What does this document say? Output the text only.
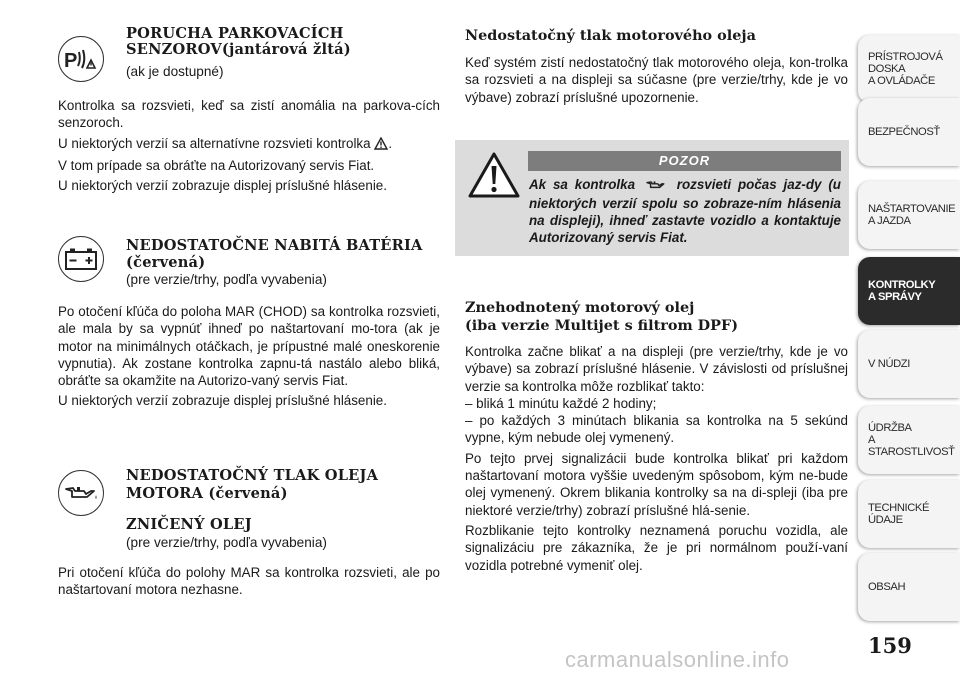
P
PORUCHA PARKOVACÍCH
SENZOROV(jantárová žltá)
(ak je dostupné)

Kontrolka sa rozsvieti, keď sa zistí anomália na parkova-cích senzoroch.

U niektorých verzií sa alternatívne rozsvieti kontrolka .

V tom prípade sa obráťte na Autorizovaný servis Fiat.

U niektorých verzií zobrazuje displej príslušné hlásenie.

NEDOSTATOČNE NABITÁ BATÉRIA
(červená)
(pre verzie/trhy, podľa vyvabenia)

Po otočení kľúča do poloha MAR (CHOD) sa kontrolka rozsvieti, ale mala by sa vypnúť ihneď po naštartovaní mo-tora (ak je motor na minimálnych otáčkach, je prípustné malé oneskorenie vypnutia). Ak zostane kontrolka zapnu-tá nastálo alebo bliká, obráťte sa okamžite na Autorizo-vaný servis Fiat.

U niektorých verzií zobrazuje displej príslušné hlásenie.

NEDOSTATOČNÝ TLAK OLEJA
MOTORA (červená)
ZNIČENÝ OLEJ
(pre verzie/trhy, podľa vyvabenia)

Pri otočení kľúča do polohy MAR sa kontrolka rozsvieti, ale po naštartovaní motora nezhasne.

Nedostatočný tlak motorového oleja

Keď systém zistí nedostatočný tlak motorového oleja, kon-trolka sa rozsvieti a na displeji sa súčasne (pre verzie/trhy, kde je vo výbave) zobrazí príslušné upozornenie.

POZOR
Ak sa kontrolka	rozsvieti počas jaz-dy (u niektorých verzií spolu so zobraze-ním hlásenia na displeji), ihneď zastavte vozidlo a kontaktuje Autorizovaný servis Fiat.
Znehodnotený motorový olej
(iba verzie Multijet s filtrom DPF)

Kontrolka začne blikať a na displeji (pre verzie/trhy, kde je vo výbave) sa zobrazí príslušné hlásenie. V závislosti od príslušnej verzie sa kontrolka môže rozblikať takto:

– bliká 1 minútu každé 2 hodiny;

– po každých 3 minútach blikania sa kontrolka na 5 sekúnd vypne, kým nebude olej vymenený.

Po tejto prvej signalizácii bude kontrolka blikať pri každom naštartovaní motora vyššie uvedeným spôsobom, kým ne-bude olej vymenený. Okrem blikania kontrolky sa na di-spleji (iba pre niektoré verzie/trhy) zobrazí príslušné hlá-senie.

Rozblikanie tejto kontrolky neznamená poruchu vozidla, ale signalizáciu pre zákazníka, že je pri normálnom použí-vaní vozidla potrebné vymeniť olej.

PRÍSTROJOVÁ
DOSKA
A OVLÁDAČE
BEZPEČNOSŤ
NAŠTARTOVANIE
A JAZDA
KONTROLKY
A SPRÁVY
V NÚDZI
ÚDRŽBA
A STAROSTLIVOSŤ
TECHNICKÉ ÚDAJE
OBSAH
159
carmanualsonline.info
